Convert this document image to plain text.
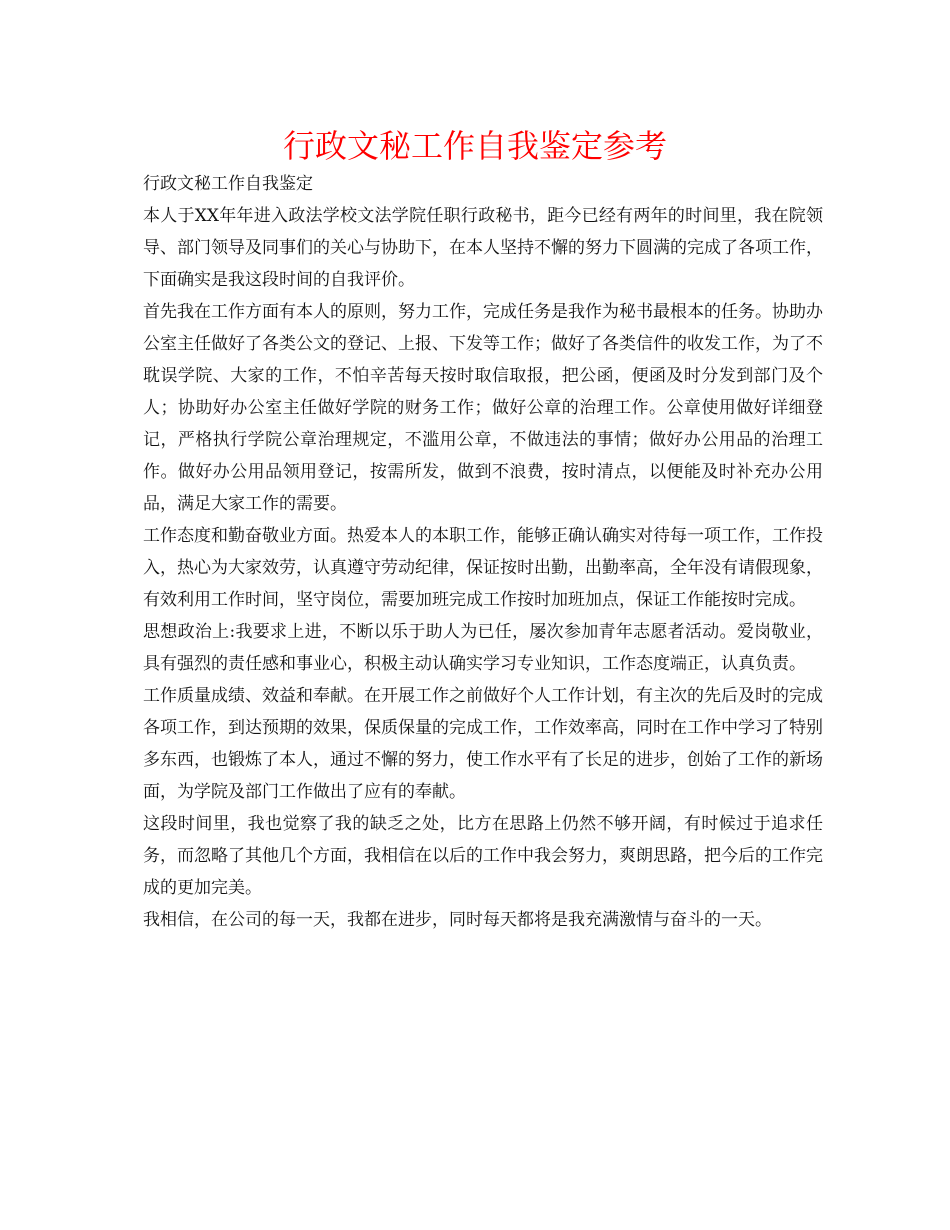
行政文秘工作自我鉴定参考

行政文秘工作自我鉴定

本人于XX年年进入政法学校文法学院任职行政秘书，距今已经有两年的时间里，我在院领导、部门领导及同事们的关心与协助下，在本人坚持不懈的努力下圆满的完成了各项工作，下面确实是我这段时间的自我评价。

首先我在工作方面有本人的原则，努力工作，完成任务是我作为秘书最根本的任务。协助办公室主任做好了各类公文的登记、上报、下发等工作；做好了各类信件的收发工作，为了不耽误学院、大家的工作，不怕辛苦每天按时取信取报，把公函，便函及时分发到部门及个人；协助好办公室主任做好学院的财务工作；做好公章的治理工作。公章使用做好详细登记，严格执行学院公章治理规定，不滥用公章，不做违法的事情；做好办公用品的治理工作。做好办公用品领用登记，按需所发，做到不浪费，按时清点，以便能及时补充办公用品，满足大家工作的需要。

工作态度和勤奋敬业方面。热爱本人的本职工作，能够正确认确实对待每一项工作，工作投入，热心为大家效劳，认真遵守劳动纪律，保证按时出勤，出勤率高，全年没有请假现象，有效利用工作时间，坚守岗位，需要加班完成工作按时加班加点，保证工作能按时完成。

思想政治上:我要求上进，不断以乐于助人为已任，屡次参加青年志愿者活动。爱岗敬业，具有强烈的责任感和事业心，积极主动认确实学习专业知识，工作态度端正，认真负责。

工作质量成绩、效益和奉献。在开展工作之前做好个人工作计划，有主次的先后及时的完成各项工作，到达预期的效果，保质保量的完成工作，工作效率高，同时在工作中学习了特别多东西，也锻炼了本人，通过不懈的努力，使工作水平有了长足的进步，创始了工作的新场面，为学院及部门工作做出了应有的奉献。

这段时间里，我也觉察了我的缺乏之处，比方在思路上仍然不够开阔，有时候过于追求任务，而忽略了其他几个方面，我相信在以后的工作中我会努力，爽朗思路，把今后的工作完成的更加完美。

我相信，在公司的每一天，我都在进步，同时每天都将是我充满激情与奋斗的一天。
